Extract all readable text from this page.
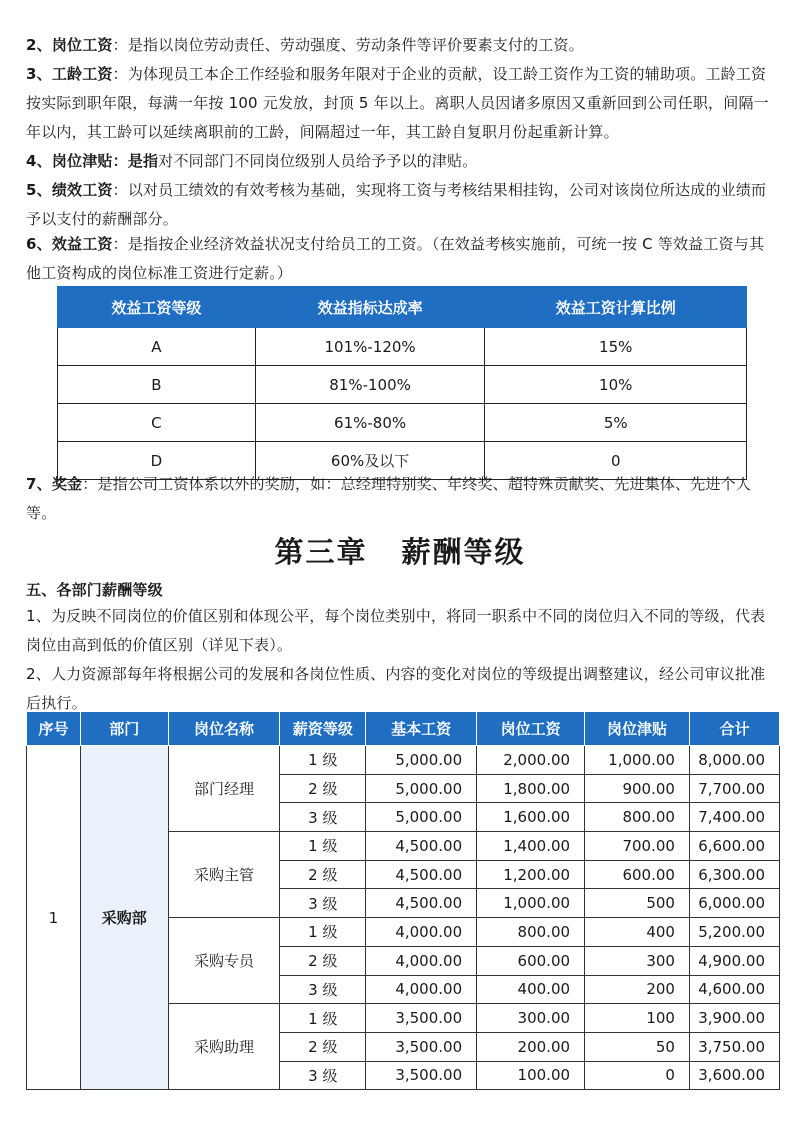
2、岗位工资：是指以岗位劳动责任、劳动强度、劳动条件等评价要素支付的工资。

3、工龄工资：为体现员工本企工作经验和服务年限对于企业的贡献，设工龄工资作为工资的辅助项。工龄工资按实际到职年限，每满一年按 100 元发放，封顶 5 年以上。离职人员因诸多原因又重新回到公司任职，间隔一年以内，其工龄可以延续离职前的工龄，间隔超过一年，其工龄自复职月份起重新计算。

4、岗位津贴：是指对不同部门不同岗位级别人员给予予以的津贴。

5、绩效工资：以对员工绩效的有效考核为基础，实现将工资与考核结果相挂钩，公司对该岗位所达成的业绩而予以支付的薪酬部分。

6、效益工资：是指按企业经济效益状况支付给员工的工资。（在效益考核实施前，可统一按 C 等效益工资与其他工资构成的岗位标准工资进行定薪。）

效益工资等级	效益指标达成率	效益工资计算比例
A	101%-120%	15%
B	81%-100%	10%
C	61%-80%	5%
D	60%及以下	0

7、奖金：是指公司工资体系以外的奖励，如：总经理特别奖、年终奖、超特殊贡献奖、先进集体、先进个人等。

第三章 薪酬等级

五、各部门薪酬等级

1、为反映不同岗位的价值区别和体现公平，每个岗位类别中，将同一职系中不同的岗位归入不同的等级，代表岗位由高到低的价值区别（详见下表）。

2、人力资源部每年将根据公司的发展和各岗位性质、内容的变化对岗位的等级提出调整建议，经公司审议批准后执行。

序号	部门	岗位名称	薪资等级	基本工资	岗位工资	岗位津贴	合计
1	采购部	部门经理	1 级	5,000.00	2,000.00	1,000.00	8,000.00
			2 级	5,000.00	1,800.00	900.00	7,700.00
			3 级	5,000.00	1,600.00	800.00	7,400.00
		采购主管	1 级	4,500.00	1,400.00	700.00	6,600.00
			2 级	4,500.00	1,200.00	600.00	6,300.00
			3 级	4,500.00	1,000.00	500	6,000.00
		采购专员	1 级	4,000.00	800.00	400	5,200.00
			2 级	4,000.00	600.00	300	4,900.00
			3 级	4,000.00	400.00	200	4,600.00
		采购助理	1 级	3,500.00	300.00	100	3,900.00
			2 级	3,500.00	200.00	50	3,750.00
			3 级	3,500.00	100.00	0	3,600.00
